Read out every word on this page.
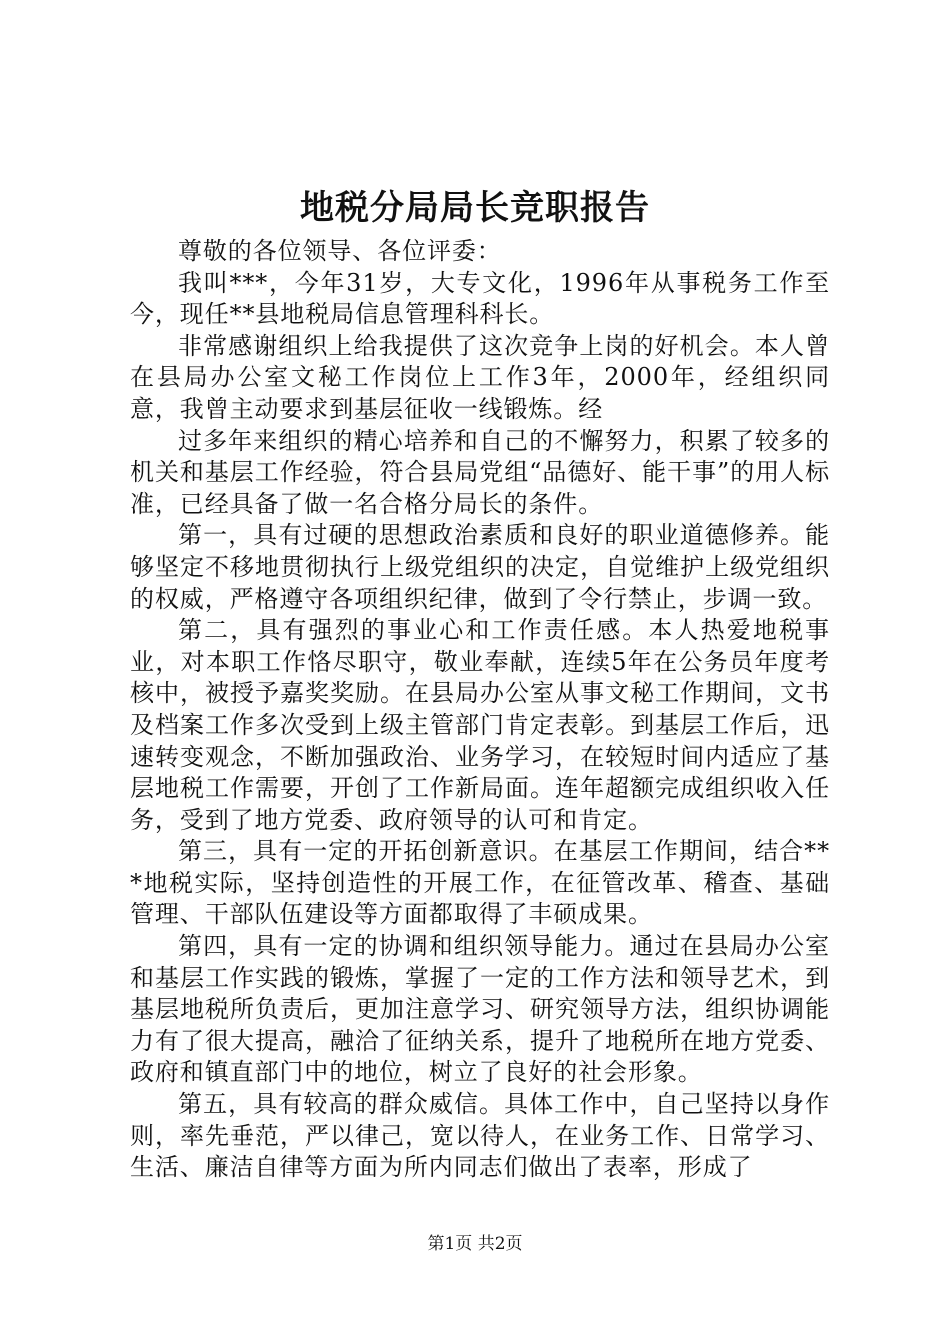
地税分局局长竞职报告

尊敬的各位领导、各位评委：

我叫***，今年31岁，大专文化，1996年从事税务工作至今，现任**县地税局信息管理科科长。

非常感谢组织上给我提供了这次竞争上岗的好机会。本人曾在县局办公室文秘工作岗位上工作3年，2000年，经组织同意，我曾主动要求到基层征收一线锻炼。经

过多年来组织的精心培养和自己的不懈努力，积累了较多的机关和基层工作经验，符合县局党组“品德好、能干事”的用人标准，已经具备了做一名合格分局长的条件。

第一，具有过硬的思想政治素质和良好的职业道德修养。能够坚定不移地贯彻执行上级党组织的决定，自觉维护上级党组织的权威，严格遵守各项组织纪律，做到了令行禁止，步调一致。

第二，具有强烈的事业心和工作责任感。本人热爱地税事业，对本职工作恪尽职守，敬业奉献，连续5年在公务员年度考核中，被授予嘉奖奖励。在县局办公室从事文秘工作期间，文书及档案工作多次受到上级主管部门肯定表彰。到基层工作后，迅速转变观念，不断加强政治、业务学习，在较短时间内适应了基层地税工作需要，开创了工作新局面。连年超额完成组织收入任务，受到了地方党委、政府领导的认可和肯定。

第三，具有一定的开拓创新意识。在基层工作期间，结合***地税实际，坚持创造性的开展工作，在征管改革、稽查、基础管理、干部队伍建设等方面都取得了丰硕成果。

第四，具有一定的协调和组织领导能力。通过在县局办公室和基层工作实践的锻炼，掌握了一定的工作方法和领导艺术，到基层地税所负责后，更加注意学习、研究领导方法，组织协调能力有了很大提高，融洽了征纳关系，提升了地税所在地方党委、政府和镇直部门中的地位，树立了良好的社会形象。

第五，具有较高的群众威信。具体工作中，自己坚持以身作则，率先垂范，严以律己，宽以待人，在业务工作、日常学习、生活、廉洁自律等方面为所内同志们做出了表率，形成了

第1页 共2页
